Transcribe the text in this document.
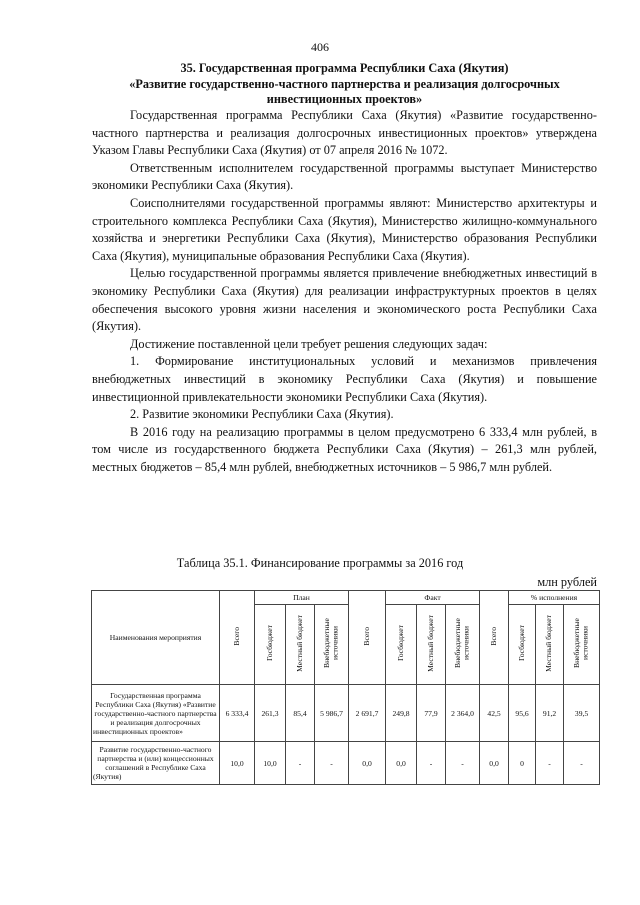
406
35. Государственная программа Республики Саха (Якутия)
«Развитие государственно-частного партнерства и реализация долгосрочных
инвестиционных проектов»

Государственная программа Республики Саха (Якутия) «Развитие государственно-частного партнерства и реализация долгосрочных инвестиционных проектов» утверждена Указом Главы Республики Саха (Якутия) от 07 апреля 2016 № 1072.

Ответственным исполнителем государственной программы выступает Министерство экономики Республики Саха (Якутия).

Соисполнителями государственной программы являют: Министерство архитектуры и строительного комплекса Республики Саха (Якутия), Министерство жилищно-коммунального хозяйства и энергетики Республики Саха (Якутия), Министерство образования Республики Саха (Якутия), муниципальные образования Республики Саха (Якутия).

Целью государственной программы является привлечение внебюджетных инвестиций в экономику Республики Саха (Якутия) для реализации инфраструктурных проектов в целях обеспечения высокого уровня жизни населения и экономического роста Республики Саха (Якутия).

Достижение поставленной цели требует решения следующих задач:

1. Формирование институциональных условий и механизмов привлечения внебюджетных инвестиций в экономику Республики Саха (Якутия) и повышение инвестиционной привлекательности экономики Республики Саха (Якутия).

2. Развитие экономики Республики Саха (Якутия).

В 2016 году на реализацию программы в целом предусмотрено 6 333,4 млн рублей, в том числе из государственного бюджета Республики Саха (Якутия) – 261,3 млн рублей, местных бюджетов – 85,4 млн рублей, внебюджетных источников – 5 986,7 млн рублей.

Таблица 35.1. Финансирование программы за 2016 год
млн рублей
Наименования мероприятия	Всего	План			Всего	Факт			Всего	% исполнения		
		Госбюджет	Местный бюджет	Внебюджетные источники		Госбюджет	Местный бюджет	Внебюджетные источники		Госбюджет	Местный бюджет	Внебюджетные источники
Государственная программа Республики Саха (Якутия) «Развитие государственно-частного партнерства и реализация долгосрочных инвестиционных проектов»	6 333,4	261,3	85,4	5 986,7	2 691,7	249,8	77,9	2 364,0	42,5	95,6	91,2	39,5
Развитие государственно-частного партнерства и (или) концессионных соглашений в Республике Саха (Якутия)	10,0	10,0	-	-	0,0	0,0	-	-	0,0	0	-	-
